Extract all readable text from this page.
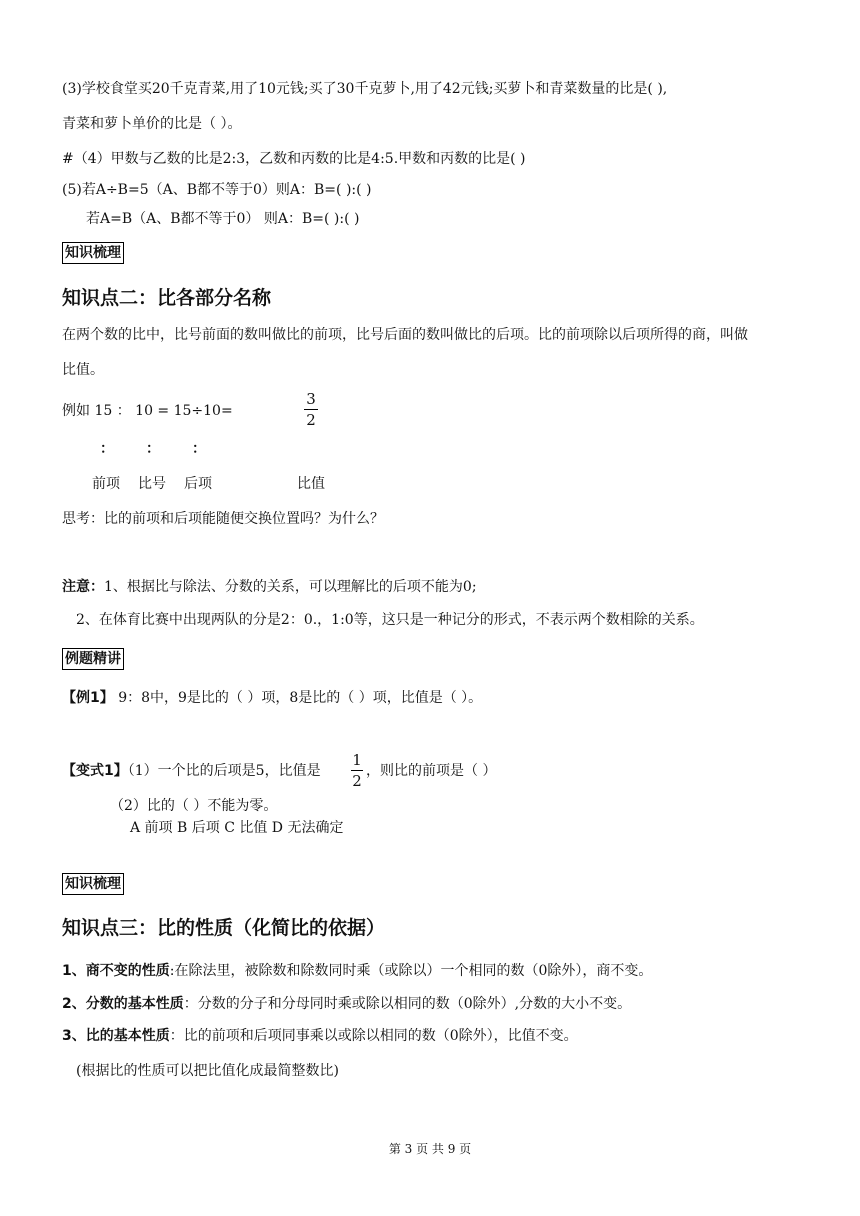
(3)学校食堂买20千克青菜,用了10元钱;买了30千克萝卜,用了42元钱;买萝卜和青菜数量的比是( ),
青菜和萝卜单价的比是（ ）。
#（4）甲数与乙数的比是2:3，乙数和丙数的比是4:5.甲数和丙数的比是( )
(5)若A÷B=5（A、B都不等于0）则A：B=( ):( )
若A=B（A、B都不等于0） 则A：B=( ):( )
知识梳理
知识点二：比各部分名称
在两个数的比中，比号前面的数叫做比的前项，比号后面的数叫做比的后项。比的前项除以后项所得的商，叫做
比值。
例如 15 ： 10 = 15÷10=
3
2
： ： ：
前项 比号 后项	比值
思考：比的前项和后项能随便交换位置吗？为什么？
注意：1、根据比与除法、分数的关系，可以理解比的后项不能为0;
2、在体育比赛中出现两队的分是2：0.，1:0等，这只是一种记分的形式，不表示两个数相除的关系。
例题精讲
【例1】 9：8中，9是比的（ ）项，8是比的（ ）项，比值是（ ）。
【变式1】（1）一个比的后项是5，比值是
1
2
，则比的前项是（ ）
（2）比的（ ）不能为零。
A 前项 B 后项 C 比值 D 无法确定
知识梳理
知识点三：比的性质（化简比的依据）
1、商不变的性质:在除法里，被除数和除数同时乘（或除以）一个相同的数（0除外），商不变。
2、分数的基本性质：分数的分子和分母同时乘或除以相同的数（0除外）,分数的大小不变。
3、比的基本性质：比的前项和后项同事乘以或除以相同的数（0除外），比值不变。
(根据比的性质可以把比值化成最简整数比)
第 3 页 共 9 页
